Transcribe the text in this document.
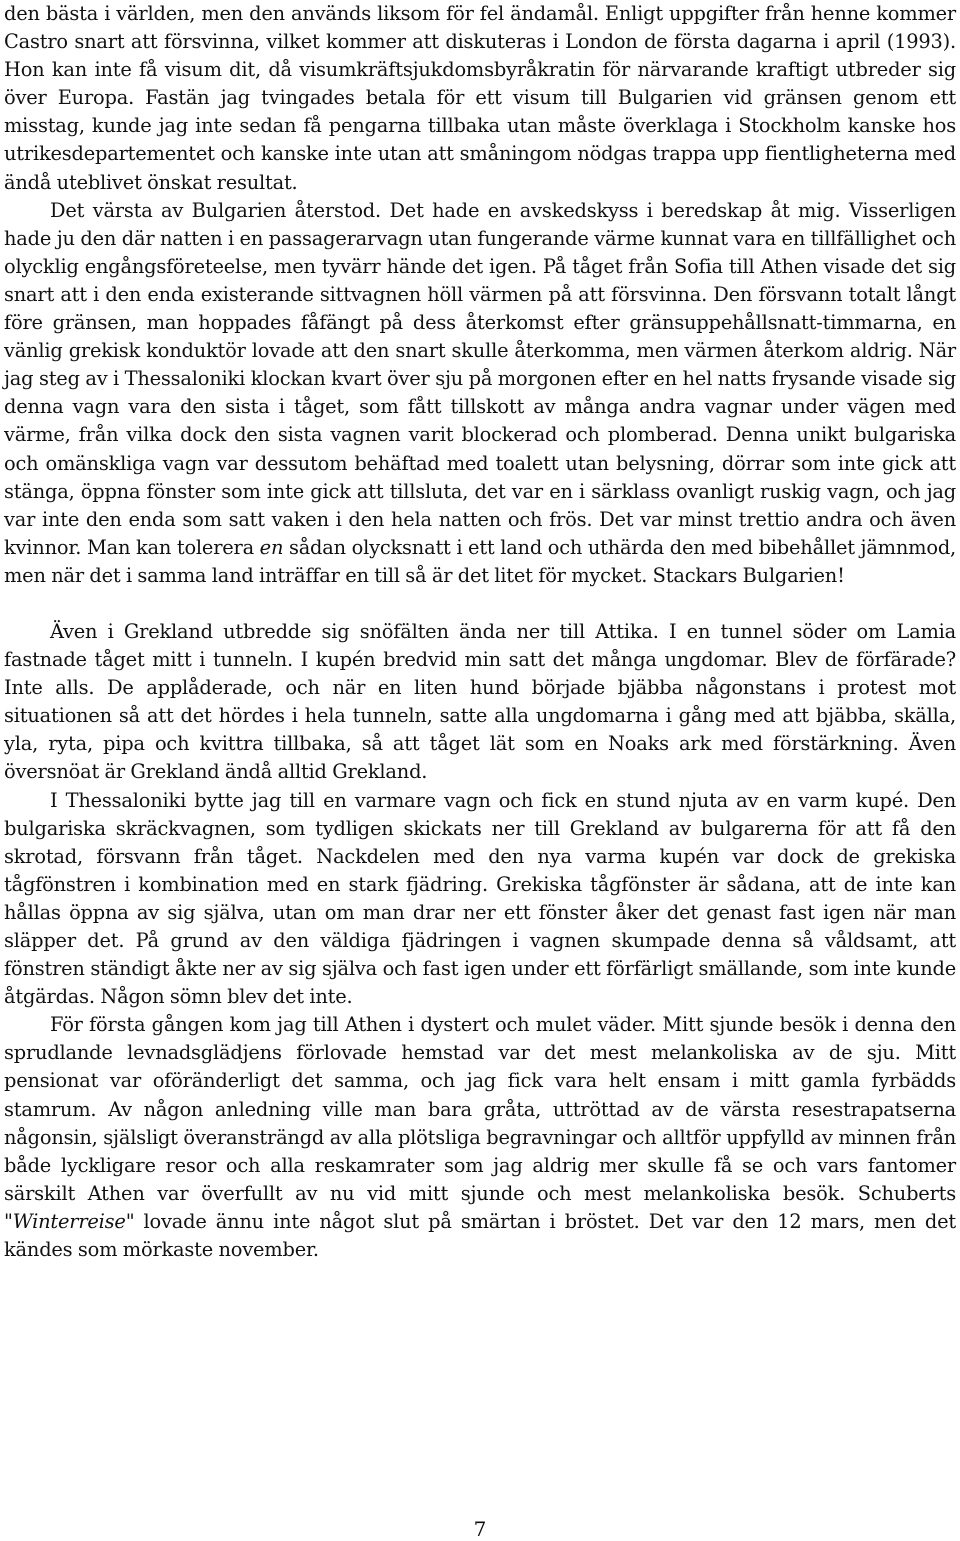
den bästa i världen, men den används liksom för fel ändamål. Enligt uppgifter från henne kommer Castro snart att försvinna, vilket kommer att diskuteras i London de första dagarna i april (1993). Hon kan inte få visum dit, då visumkräftsjukdomsbyråkratin för närvarande kraftigt utbreder sig över Europa. Fastän jag tvingades betala för ett visum till Bulgarien vid gränsen genom ett misstag, kunde jag inte sedan få pengarna tillbaka utan måste överklaga i Stockholm kanske hos utrikesdepartementet och kanske inte utan att småningom nödgas trappa upp fientligheterna med ändå uteblivet önskat resultat.

Det värsta av Bulgarien återstod. Det hade en avskedskyss i beredskap åt mig. Visserligen hade ju den där natten i en passagerarvagn utan fungerande värme kunnat vara en tillfällighet och olycklig engångsföreteelse, men tyvärr hände det igen. På tåget från Sofia till Athen visade det sig snart att i den enda existerande sittvagnen höll värmen på att försvinna. Den försvann totalt långt före gränsen, man hoppades fåfängt på dess återkomst efter gränsuppehållsnatt-timmarna, en vänlig grekisk konduktör lovade att den snart skulle återkomma, men värmen återkom aldrig. När jag steg av i Thessaloniki klockan kvart över sju på morgonen efter en hel natts frysande visade sig denna vagn vara den sista i tåget, som fått tillskott av många andra vagnar under vägen med värme, från vilka dock den sista vagnen varit blockerad och plomberad. Denna unikt bulgariska och omänskliga vagn var dessutom behäftad med toalett utan belysning, dörrar som inte gick att stänga, öppna fönster som inte gick att tillsluta, det var en i särklass ovanligt ruskig vagn, och jag var inte den enda som satt vaken i den hela natten och frös. Det var minst trettio andra och även kvinnor. Man kan tolerera en sådan olycksnatt i ett land och uthärda den med bibehållet jämnmod, men när det i samma land inträffar en till så är det litet för mycket. Stackars Bulgarien!

Även i Grekland utbredde sig snöfälten ända ner till Attika. I en tunnel söder om Lamia fastnade tåget mitt i tunneln. I kupén bredvid min satt det många ungdomar. Blev de förfärade? Inte alls. De applåderade, och när en liten hund började bjäbba någonstans i protest mot situationen så att det hördes i hela tunneln, satte alla ungdomarna i gång med att bjäbba, skälla, yla, ryta, pipa och kvittra tillbaka, så att tåget lät som en Noaks ark med förstärkning. Även översnöat är Grekland ändå alltid Grekland.

I Thessaloniki bytte jag till en varmare vagn och fick en stund njuta av en varm kupé. Den bulgariska skräckvagnen, som tydligen skickats ner till Grekland av bulgarerna för att få den skrotad, försvann från tåget. Nackdelen med den nya varma kupén var dock de grekiska tågfönstren i kombination med en stark fjädring. Grekiska tågfönster är sådana, att de inte kan hållas öppna av sig själva, utan om man drar ner ett fönster åker det genast fast igen när man släpper det. På grund av den väldiga fjädringen i vagnen skumpade denna så våldsamt, att fönstren ständigt åkte ner av sig själva och fast igen under ett förfärligt smällande, som inte kunde åtgärdas. Någon sömn blev det inte.

För första gången kom jag till Athen i dystert och mulet väder. Mitt sjunde besök i denna den sprudlande levnadsglädjens förlovade hemstad var det mest melankoliska av de sju. Mitt pensionat var oföränderligt det samma, och jag fick vara helt ensam i mitt gamla fyrbädds stamrum. Av någon anledning ville man bara gråta, uttröttad av de värsta resestrapatserna någonsin, själsligt överansträngd av alla plötsliga begravningar och alltför uppfylld av minnen från både lyckligare resor och alla reskamrater som jag aldrig mer skulle få se och vars fantomer särskilt Athen var överfullt av nu vid mitt sjunde och mest melankoliska besök. Schuberts "Winterreise" lovade ännu inte något slut på smärtan i bröstet. Det var den 12 mars, men det kändes som mörkaste november.

7
